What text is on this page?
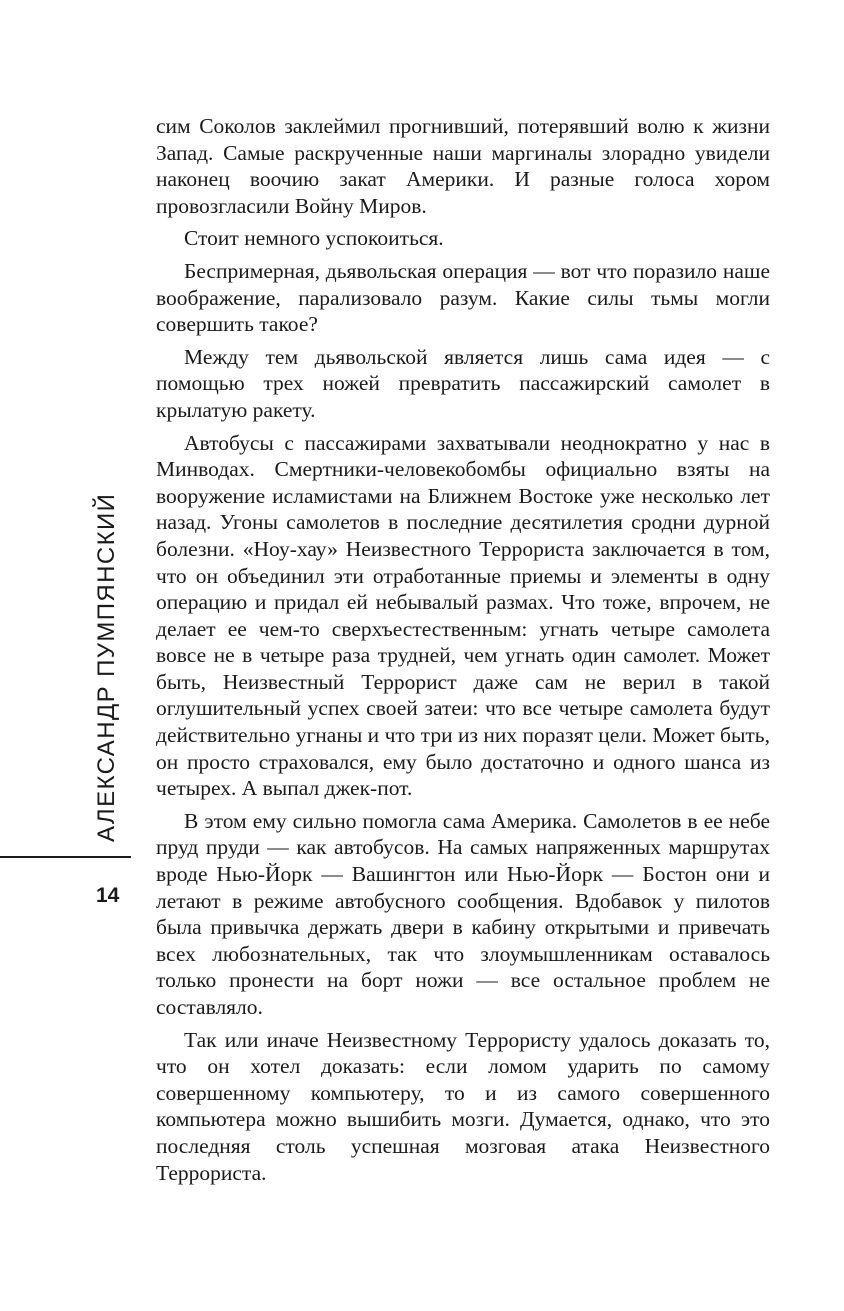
АЛЕКСАНДР ПУМПЯНСКИЙ
14

сим Соколов заклеймил прогнивший, потерявший волю к жизни Запад. Самые раскрученные наши маргиналы злорадно увидели наконец воочию закат Америки. И разные голоса хором провозгласили Войну Миров.

Стоит немного успокоиться.

Беспримерная, дьявольская операция — вот что поразило наше воображение, парализовало разум. Какие силы тьмы могли совершить такое?

Между тем дьявольской является лишь сама идея — с помощью трех ножей превратить пассажирский самолет в крылатую ракету.

Автобусы с пассажирами захватывали неоднократно у нас в Минводах. Смертники-человекобомбы официально взяты на вооружение исламистами на Ближнем Востоке уже несколько лет назад. Угоны самолетов в последние десятилетия сродни дурной болезни. «Ноу-хау» Неизвестного Террориста заключается в том, что он объединил эти отработанные приемы и элементы в одну операцию и придал ей небывалый размах. Что тоже, впрочем, не делает ее чем-то сверхъестественным: угнать четыре самолета вовсе не в четыре раза трудней, чем угнать один самолет. Может быть, Неизвестный Террорист даже сам не верил в такой оглушительный успех своей затеи: что все четыре самолета будут действительно угнаны и что три из них поразят цели. Может быть, он просто страховался, ему было достаточно и одного шанса из четырех. А выпал джек-пот.

В этом ему сильно помогла сама Америка. Самолетов в ее небе пруд пруди — как автобусов. На самых напряженных маршрутах вроде Нью-Йорк — Вашингтон или Нью-Йорк — Бостон они и летают в режиме автобусного сообщения. Вдобавок у пилотов была привычка держать двери в кабину открытыми и привечать всех любознательных, так что злоумышленникам оставалось только пронести на борт ножи — все остальное проблем не составляло.

Так или иначе Неизвестному Террористу удалось доказать то, что он хотел доказать: если ломом ударить по самому совершенному компьютеру, то и из самого совершенного компьютера можно вышибить мозги. Думается, однако, что это последняя столь успешная мозговая атака Неизвестного Террориста.
